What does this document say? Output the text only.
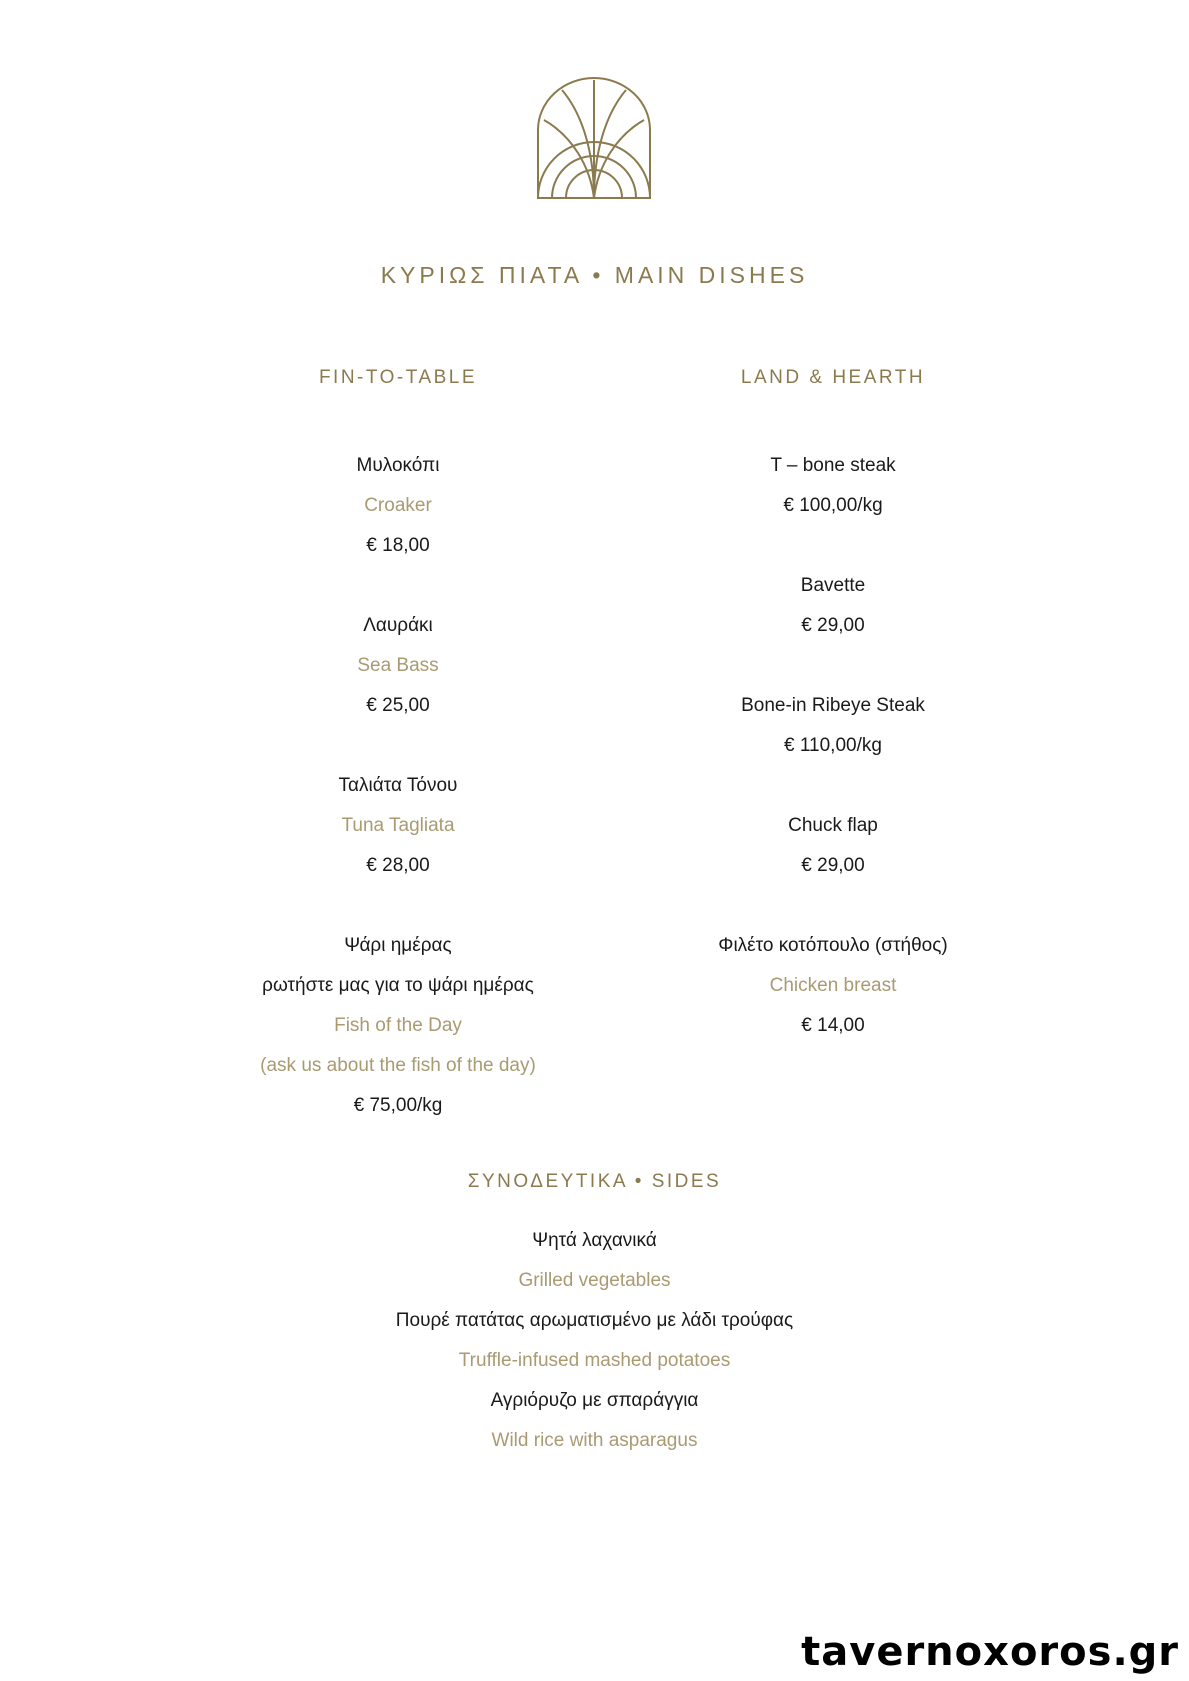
ΚΥΡΙΩΣ ΠΙΑΤΑ • MAIN DISHES
FIN-TO-TABLE	LAND & HEARTH
Μυλοκόπι
Croaker
€ 18,00
Λαυράκι
Sea Bass
€ 25,00
Ταλιάτα Τόνου
Tuna Tagliata
€ 28,00
Ψάρι ημέρας
ρωτήστε μας για το ψάρι ημέρας
Fish of the Day
(ask us about the fish of the day)
€ 75,00/kg
T – bone steak
€ 100,00/kg
Bavette
€ 29,00
Bone-in Ribeye Steak
€ 110,00/kg
Chuck flap
€ 29,00
Φιλέτο κοτόπουλο (στήθος)
Chicken breast
€ 14,00
ΣΥΝΟΔΕΥΤΙΚΑ • SIDES
Ψητά λαχανικά
Grilled vegetables
Πουρέ πατάτας αρωματισμένο με λάδι τρούφας
Truffle-infused mashed potatoes
Αγριόρυζο με σπαράγγια
Wild rice with asparagus
tavernoxoros.gr
